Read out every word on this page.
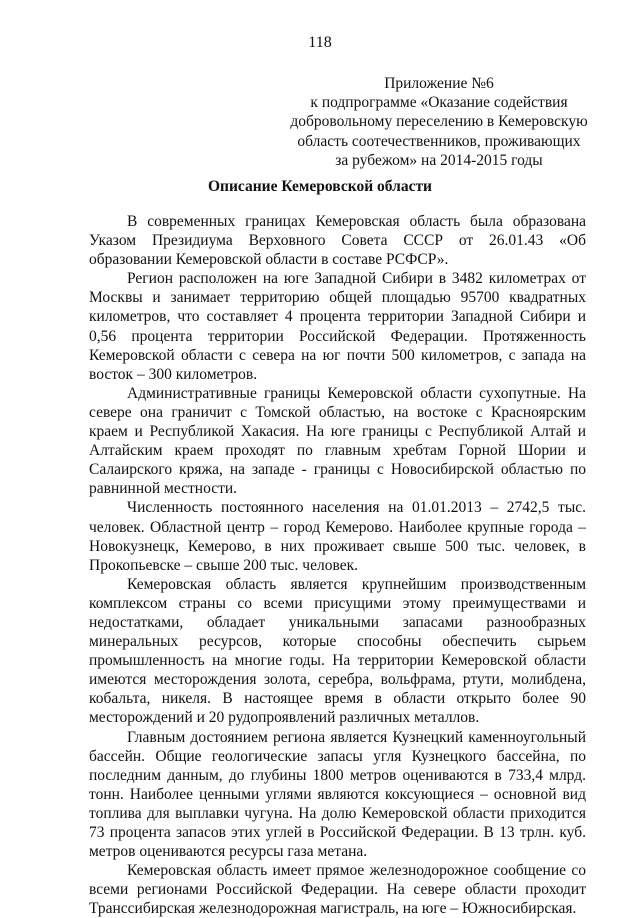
118
Приложение №6
к подпрограмме «Оказание содействия
добровольному переселению в Кемеровскую
область соотечественников, проживающих
за рубежом» на 2014-2015 годы
Описание Кемеровской области

В современных границах Кемеровская область была образована Указом Президиума Верховного Совета СССР от 26.01.43 «Об образовании Кемеровской области в составе РСФСР».

Регион расположен на юге Западной Сибири в 3482 километрах от Москвы и занимает территорию общей площадью 95700 квадратных километров, что составляет 4 процента территории Западной Сибири и 0,56 процента территории Российской Федерации. Протяженность Кемеровской области с севера на юг почти 500 километров, с запада на восток – 300 километров.

Административные границы Кемеровской области сухопутные. На севере она граничит с Томской областью, на востоке с Красноярским краем и Республикой Хакасия. На юге границы с Республикой Алтай и Алтайским краем проходят по главным хребтам Горной Шории и Салаирского кряжа, на западе - границы с Новосибирской областью по равнинной местности.

Численность постоянного населения на 01.01.2013 – 2742,5 тыс. человек. Областной центр – город Кемерово. Наиболее крупные города – Новокузнецк, Кемерово, в них проживает свыше 500 тыс. человек, в Прокопьевске – свыше 200 тыс. человек.

Кемеровская область является крупнейшим производственным комплексом страны со всеми присущими этому преимуществами и недостатками, обладает уникальными запасами разнообразных минеральных ресурсов, которые способны обеспечить сырьем промышленность на многие годы. На территории Кемеровской области имеются месторождения золота, серебра, вольфрама, ртути, молибдена, кобальта, никеля. В настоящее время в области открыто более 90 месторождений и 20 рудопроявлений различных металлов.

Главным достоянием региона является Кузнецкий каменноугольный бассейн. Общие геологические запасы угля Кузнецкого бассейна, по последним данным, до глубины 1800 метров оцениваются в 733,4 млрд. тонн. Наиболее ценными углями являются коксующиеся – основной вид топлива для выплавки чугуна. На долю Кемеровской области приходится 73 процента запасов этих углей в Российской Федерации. В 13 трлн. куб. метров оцениваются ресурсы газа метана.

Кемеровская область имеет прямое железнодорожное сообщение со всеми регионами Российской Федерации. На севере области проходит Транссибирская железнодорожная магистраль, на юге – Южносибирская.
